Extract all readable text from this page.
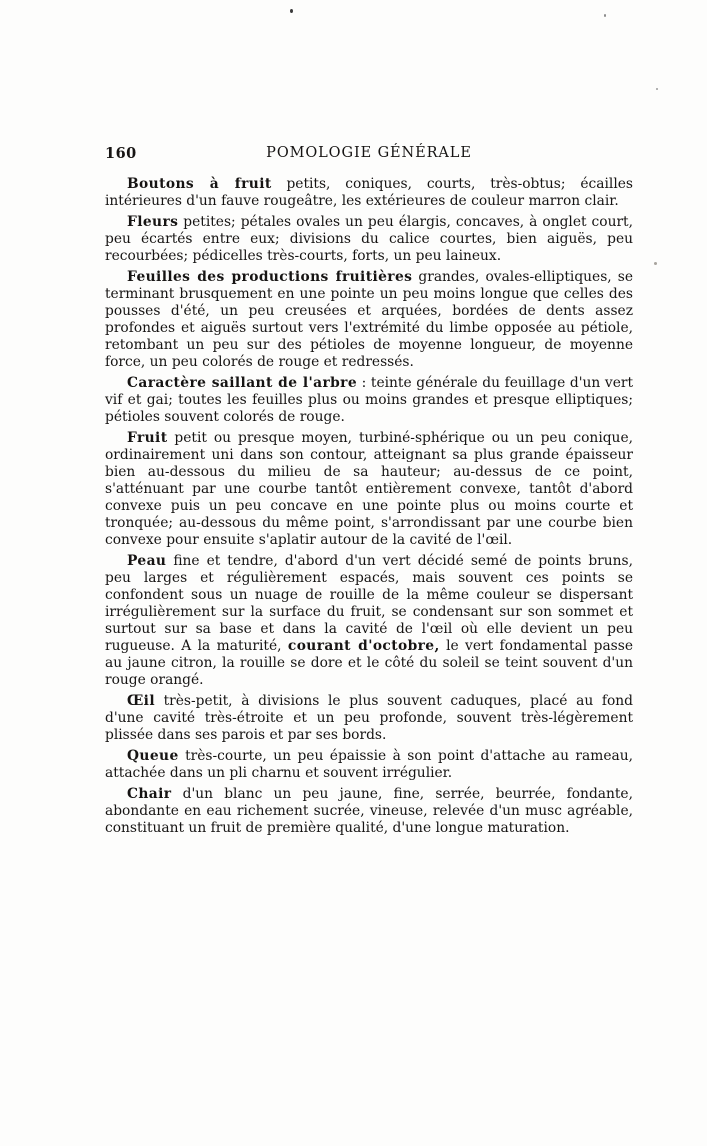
160	POMOLOGIE GÉNÉRALE

Boutons à fruit petits, coniques, courts, très-obtus; écailles intérieures d'un fauve rougeâtre, les extérieures de couleur marron clair.

Fleurs petites; pétales ovales un peu élargis, concaves, à onglet court, peu écartés entre eux; divisions du calice courtes, bien aiguës, peu recourbées; pédicelles très-courts, forts, un peu laineux.

Feuilles des productions fruitières grandes, ovales-elliptiques, se terminant brusquement en une pointe un peu moins longue que celles des pousses d'été, un peu creusées et arquées, bordées de dents assez profondes et aiguës surtout vers l'extrémité du limbe opposée au pétiole, retombant un peu sur des pétioles de moyenne longueur, de moyenne force, un peu colorés de rouge et redressés.

Caractère saillant de l'arbre : teinte générale du feuillage d'un vert vif et gai; toutes les feuilles plus ou moins grandes et presque elliptiques; pétioles souvent colorés de rouge.

Fruit petit ou presque moyen, turbiné-sphérique ou un peu conique, ordinairement uni dans son contour, atteignant sa plus grande épaisseur bien au-dessous du milieu de sa hauteur; au-dessus de ce point, s'atténuant par une courbe tantôt entièrement convexe, tantôt d'abord convexe puis un peu concave en une pointe plus ou moins courte et tronquée; au-dessous du même point, s'arrondissant par une courbe bien convexe pour ensuite s'aplatir autour de la cavité de l'œil.

Peau fine et tendre, d'abord d'un vert décidé semé de points bruns, peu larges et régulièrement espacés, mais souvent ces points se confondent sous un nuage de rouille de la même couleur se dispersant irrégulièrement sur la surface du fruit, se condensant sur son sommet et surtout sur sa base et dans la cavité de l'œil où elle devient un peu rugueuse. A la maturité, courant d'octobre, le vert fondamental passe au jaune citron, la rouille se dore et le côté du soleil se teint souvent d'un rouge orangé.

Œil très-petit, à divisions le plus souvent caduques, placé au fond d'une cavité très-étroite et un peu profonde, souvent très-légèrement plissée dans ses parois et par ses bords.

Queue très-courte, un peu épaissie à son point d'attache au rameau, attachée dans un pli charnu et souvent irrégulier.

Chair d'un blanc un peu jaune, fine, serrée, beurrée, fondante, abondante en eau richement sucrée, vineuse, relevée d'un musc agréable, constituant un fruit de première qualité, d'une longue maturation.
